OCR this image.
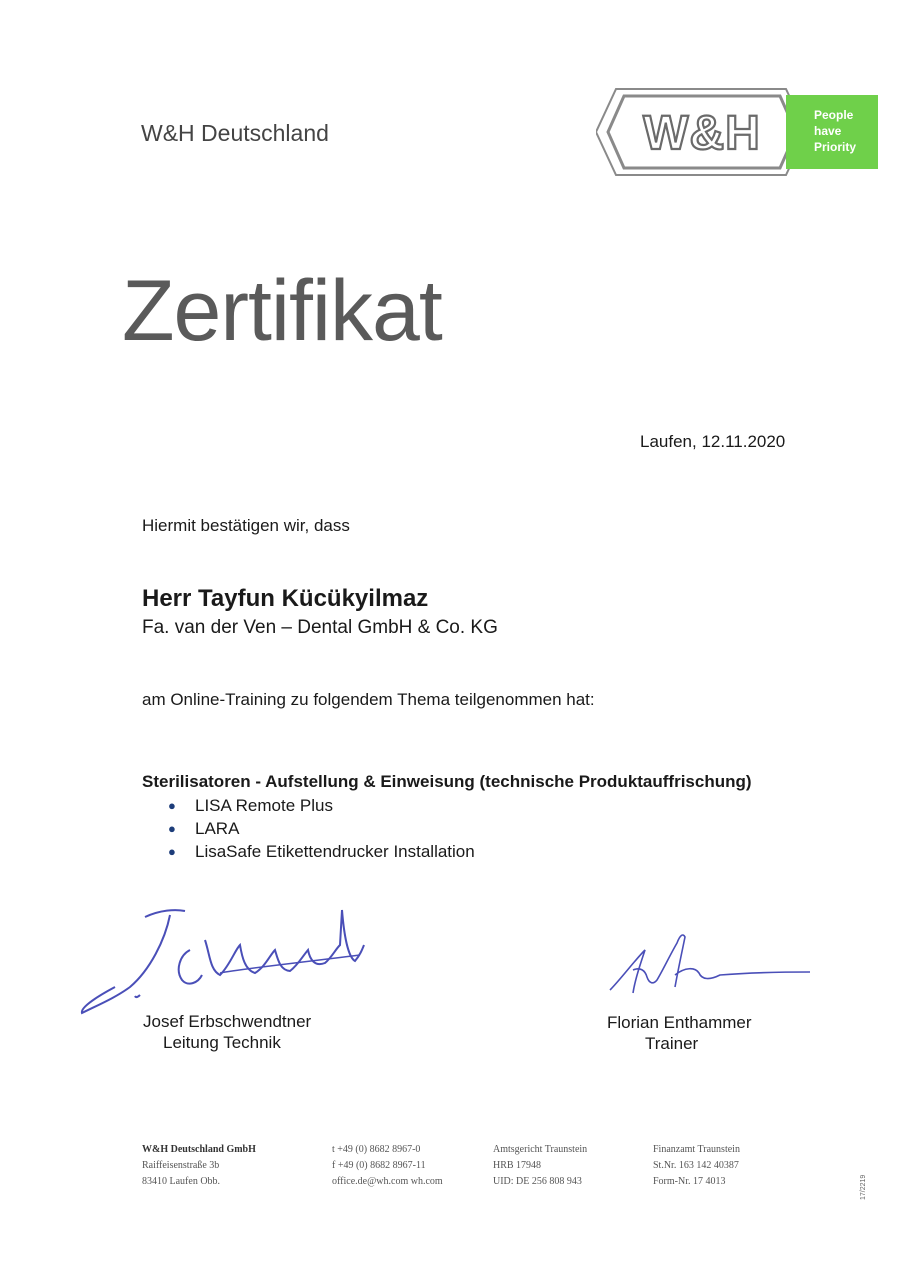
W&H Deutschland	W&H	People
have
Priority
Zertifikat
Laufen, 12.11.2020
Hiermit bestätigen wir, dass
Herr Tayfun Kücükyilmaz
Fa. van der Ven – Dental GmbH & Co. KG
am Online-Training zu folgendem Thema teilgenommen hat:
Sterilisatoren - Aufstellung & Einweisung (technische Produktauffrischung)
● LISA Remote Plus
● LARA
● LisaSafe Etikettendrucker Installation
Josef Erbschwendtner
Leitung Technik
Florian Enthammer
Trainer
W&H Deutschland GmbH
Raiffeisenstraße 3b
83410 Laufen Obb.
t +49 (0) 8682 8967-0
f +49 (0) 8682 8967-11
office.de@wh.com wh.com
Amtsgericht Traunstein
HRB 17948
UID: DE 256 808 943
Finanzamt Traunstein
St.Nr. 163 142 40387
Form-Nr. 17 4013	17/2219
